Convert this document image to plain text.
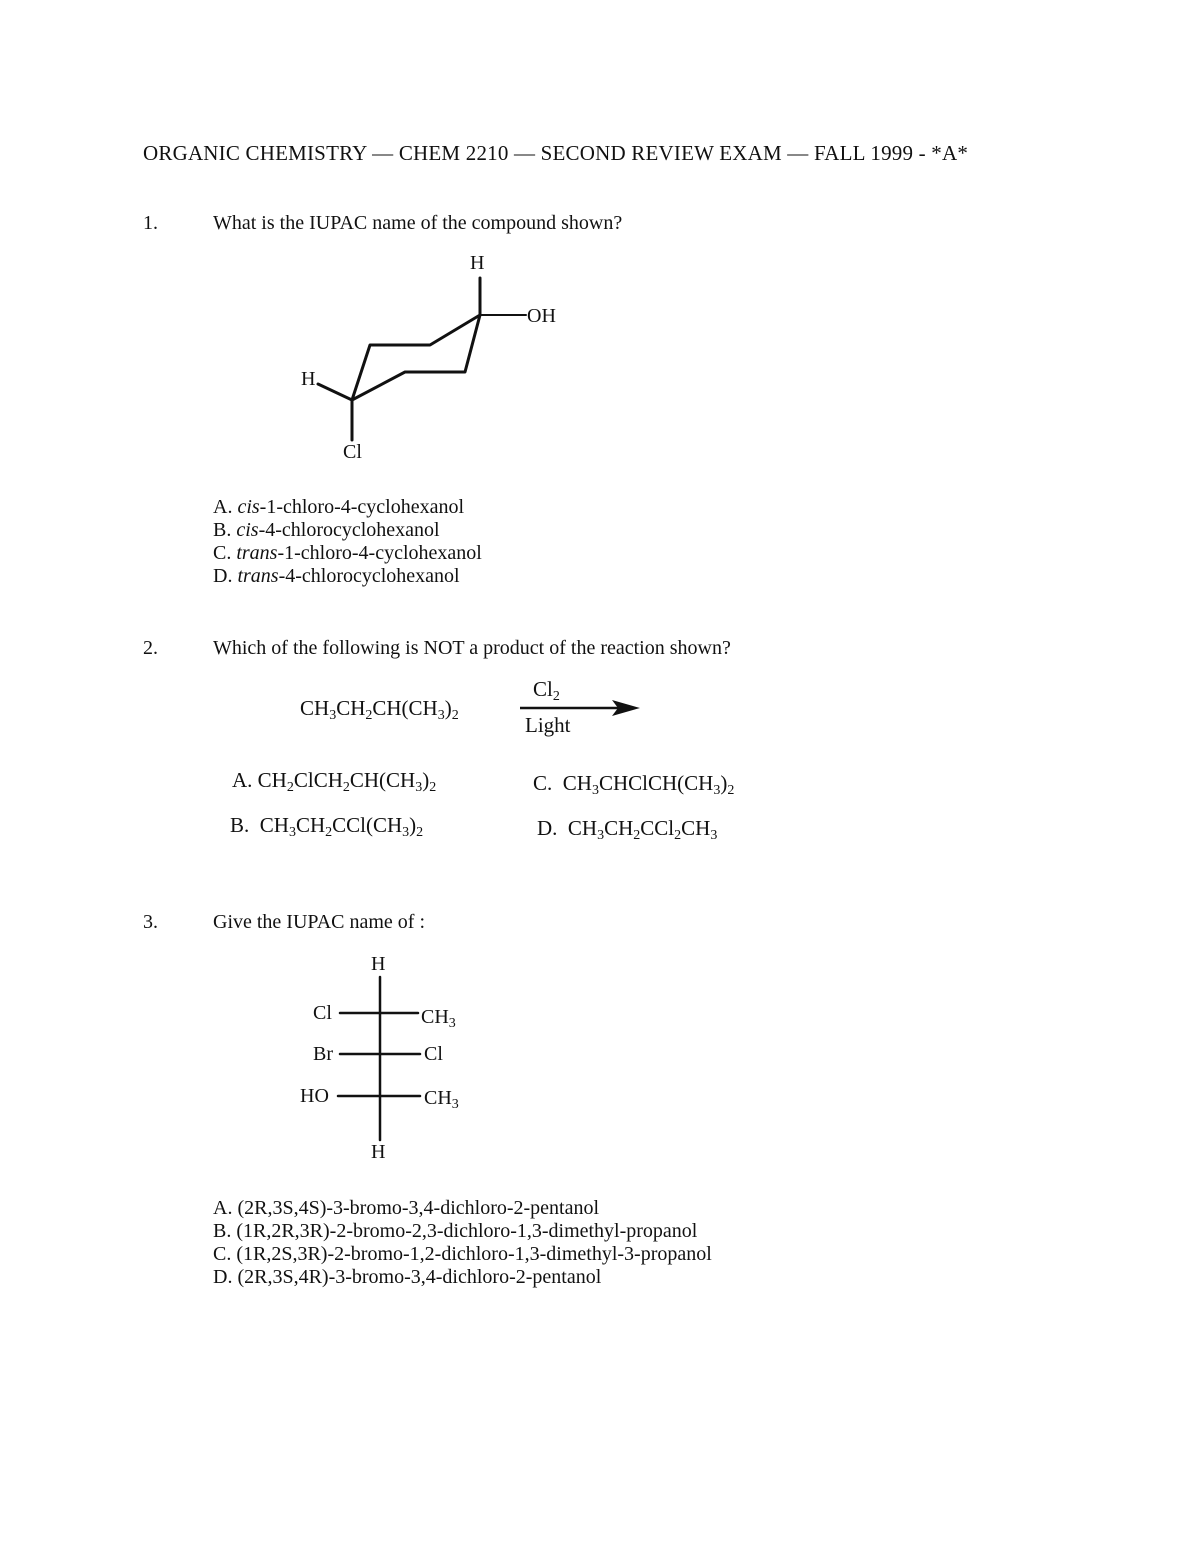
ORGANIC CHEMISTRY — CHEM 2210 — SECOND REVIEW EXAM — FALL 1999 - *A*
1.	What is the IUPAC name of the compound shown?
H
OH
H
Cl
A. cis-1-chloro-4-cyclohexanol
B. cis-4-chlorocyclohexanol
C. trans-1-chloro-4-cyclohexanol
D. trans-4-chlorocyclohexanol
2.	Which of the following is NOT a product of the reaction shown?
$CH_3CH_2CH(CH_3)_2$
$Cl_2$
Light
A. $CH_2ClCH_2CH(CH_3)_2$	C.  $CH_3CHClCH(CH_3)_2$
B.  $CH_3CH_2CCl(CH_3)_2$	D.  $CH_3CH_2CCl_2CH_3$
3.	Give the IUPAC name of :
H
Cl	$CH_3$
Br	Cl
HO	$CH_3$
H
A. (2R,3S,4S)-3-bromo-3,4-dichloro-2-pentanol
B. (1R,2R,3R)-2-bromo-2,3-dichloro-1,3-dimethyl-propanol
C. (1R,2S,3R)-2-bromo-1,2-dichloro-1,3-dimethyl-3-propanol
D. (2R,3S,4R)-3-bromo-3,4-dichloro-2-pentanol
